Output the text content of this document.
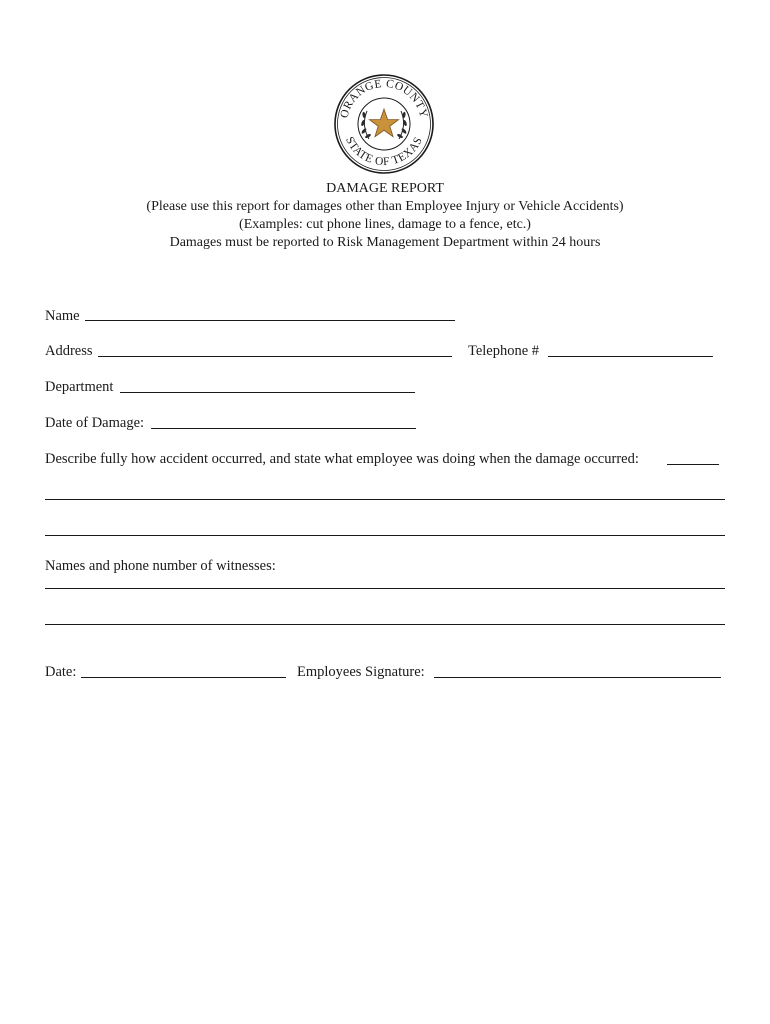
ORANGE COUNTY
STATE OF TEXAS
DAMAGE REPORT
(Please use this report for damages other than Employee Injury or Vehicle Accidents)
(Examples: cut phone lines, damage to a fence, etc.)
Damages must be reported to Risk Management Department within 24 hours
Name
Address	Telephone #
Department
Date of Damage:
Describe fully how accident occurred, and state what employee was doing when the damage occurred:
Names and phone number of witnesses:
Date:	Employees Signature:
